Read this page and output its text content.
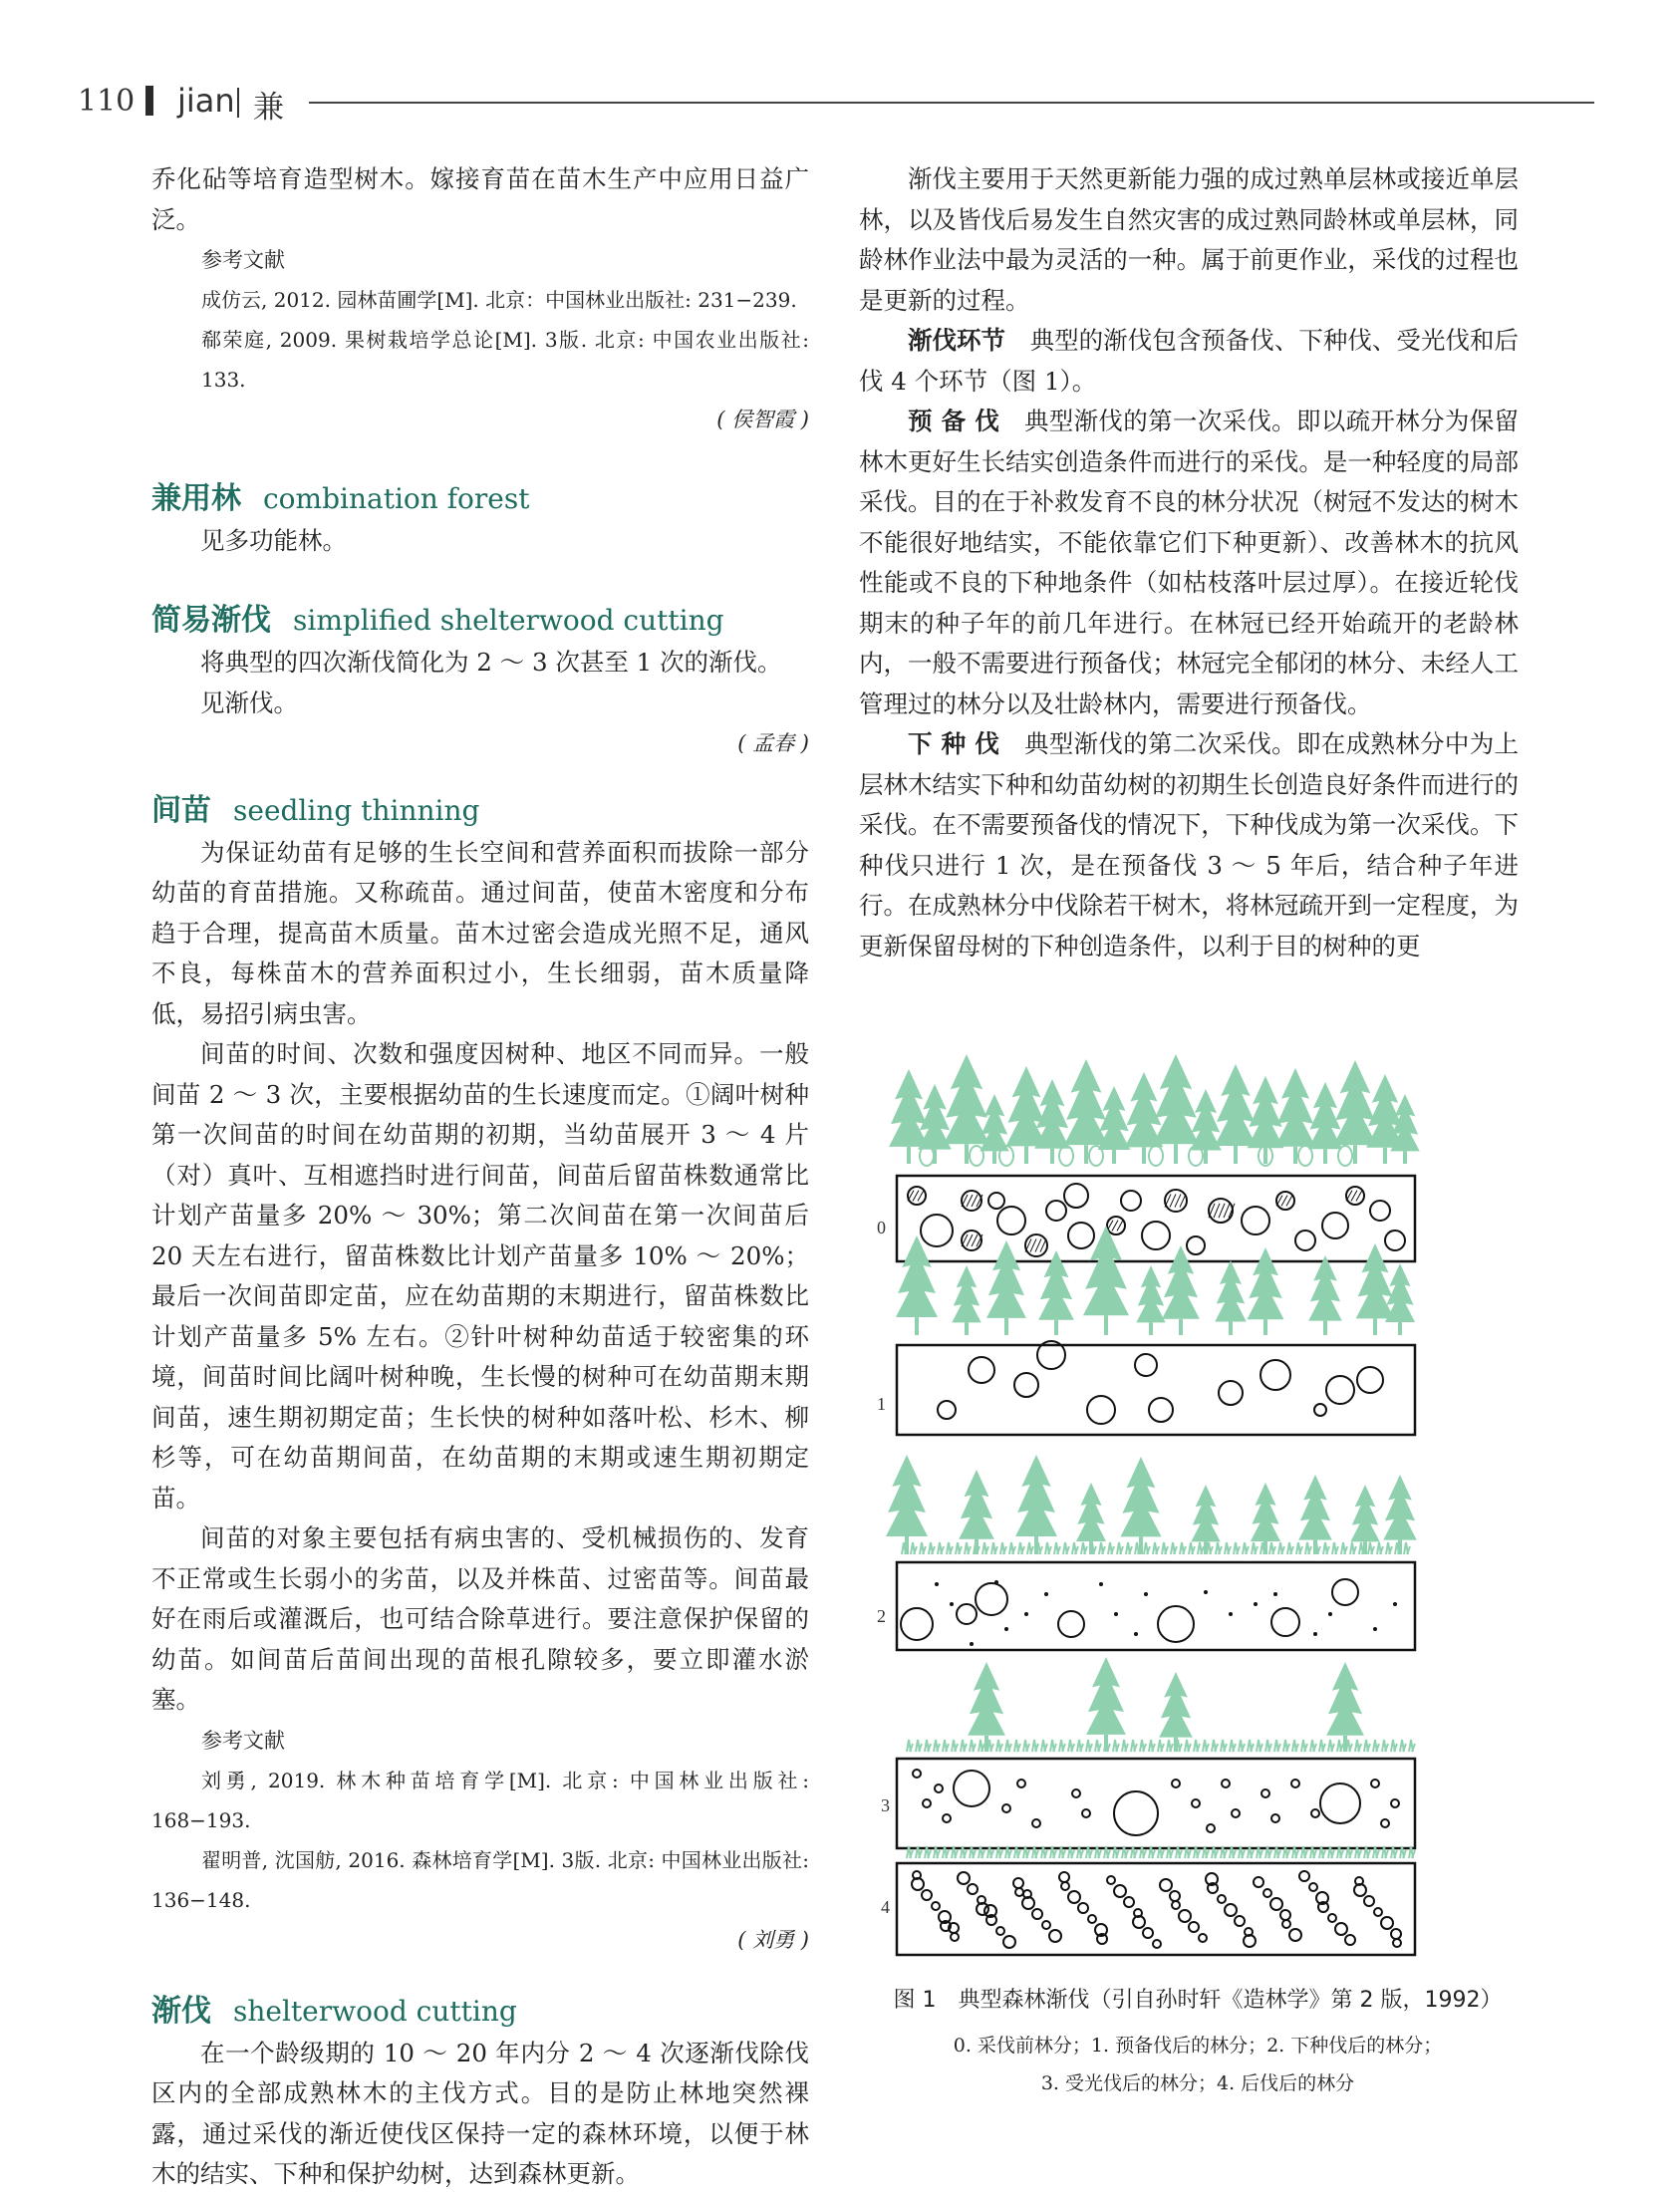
110 jian 兼

乔化砧等培育造型树木。嫁接育苗在苗木生产中应用日益广泛。

参考文献
成仿云, 2012. 园林苗圃学[M]. 北京：中国林业出版社: 231−239.
郗荣庭, 2009. 果树栽培学总论[M]. 3版. 北京: 中国农业出版社: 133.
( 侯智霞 )
兼用林 combination forest
见多功能林。
简易渐伐 simplified shelterwood cutting

将典型的四次渐伐简化为 2 ～ 3 次甚至 1 次的渐伐。

见渐伐。
( 孟春 )
间苗 seedling thinning

为保证幼苗有足够的生长空间和营养面积而拔除一部分幼苗的育苗措施。又称疏苗。通过间苗，使苗木密度和分布趋于合理，提高苗木质量。苗木过密会造成光照不足，通风不良，每株苗木的营养面积过小，生长细弱，苗木质量降低，易招引病虫害。

间苗的时间、次数和强度因树种、地区不同而异。一般间苗 2 ～ 3 次，主要根据幼苗的生长速度而定。①阔叶树种第一次间苗的时间在幼苗期的初期，当幼苗展开 3 ～ 4 片（对）真叶、互相遮挡时进行间苗，间苗后留苗株数通常比计划产苗量多 20% ～ 30%；第二次间苗在第一次间苗后 20 天左右进行，留苗株数比计划产苗量多 10% ～ 20%；最后一次间苗即定苗，应在幼苗期的末期进行，留苗株数比计划产苗量多 5% 左右。②针叶树种幼苗适于较密集的环境，间苗时间比阔叶树种晚，生长慢的树种可在幼苗期末期间苗，速生期初期定苗；生长快的树种如落叶松、杉木、柳杉等，可在幼苗期间苗，在幼苗期的末期或速生期初期定苗。

间苗的对象主要包括有病虫害的、受机械损伤的、发育不正常或生长弱小的劣苗，以及并株苗、过密苗等。间苗最好在雨后或灌溉后，也可结合除草进行。要注意保护保留的幼苗。如间苗后苗间出现的苗根孔隙较多，要立即灌水淤塞。

参考文献
刘勇, 2019. 林木种苗培育学[M]. 北京: 中国林业出版社: 168−193.
翟明普, 沈国舫, 2016. 森林培育学[M]. 3版. 北京: 中国林业出版社: 136−148.
( 刘勇 )
渐伐 shelterwood cutting

在一个龄级期的 10 ～ 20 年内分 2 ～ 4 次逐渐伐除伐区内的全部成熟林木的主伐方式。目的是防止林地突然裸露，通过采伐的渐近使伐区保持一定的森林环境，以便于林木的结实、下种和保护幼树，达到森林更新。

渐伐主要用于天然更新能力强的成过熟单层林或接近单层林，以及皆伐后易发生自然灾害的成过熟同龄林或单层林，同龄林作业法中最为灵活的一种。属于前更作业，采伐的过程也是更新的过程。

渐伐环节　 典型的渐伐包含预备伐、下种伐、受光伐和后伐 4 个环节（图 1）。

预 备 伐　 典型渐伐的第一次采伐。即以疏开林分为保留林木更好生长结实创造条件而进行的采伐。是一种轻度的局部采伐。目的在于补救发育不良的林分状况（树冠不发达的树木不能很好地结实，不能依靠它们下种更新）、改善林木的抗风性能或不良的下种地条件（如枯枝落叶层过厚）。在接近轮伐期末的种子年的前几年进行。在林冠已经开始疏开的老龄林内，一般不需要进行预备伐；林冠完全郁闭的林分、未经人工管理过的林分以及壮龄林内，需要进行预备伐。

下 种 伐　 典型渐伐的第二次采伐。即在成熟林分中为上层林木结实下种和幼苗幼树的初期生长创造良好条件而进行的采伐。在不需要预备伐的情况下，下种伐成为第一次采伐。下种伐只进行 1 次，是在预备伐 3 ～ 5 年后，结合种子年进行。在成熟林分中伐除若干树木，将林冠疏开到一定程度，为更新保留母树的下种创造条件，以利于目的树种的更

0
1
2
3
4
图 1　典型森林渐伐（引自孙时轩《造林学》第 2 版，1992）
0. 采伐前林分；1. 预备伐后的林分；2. 下种伐后的林分；
3. 受光伐后的林分；4. 后伐后的林分
